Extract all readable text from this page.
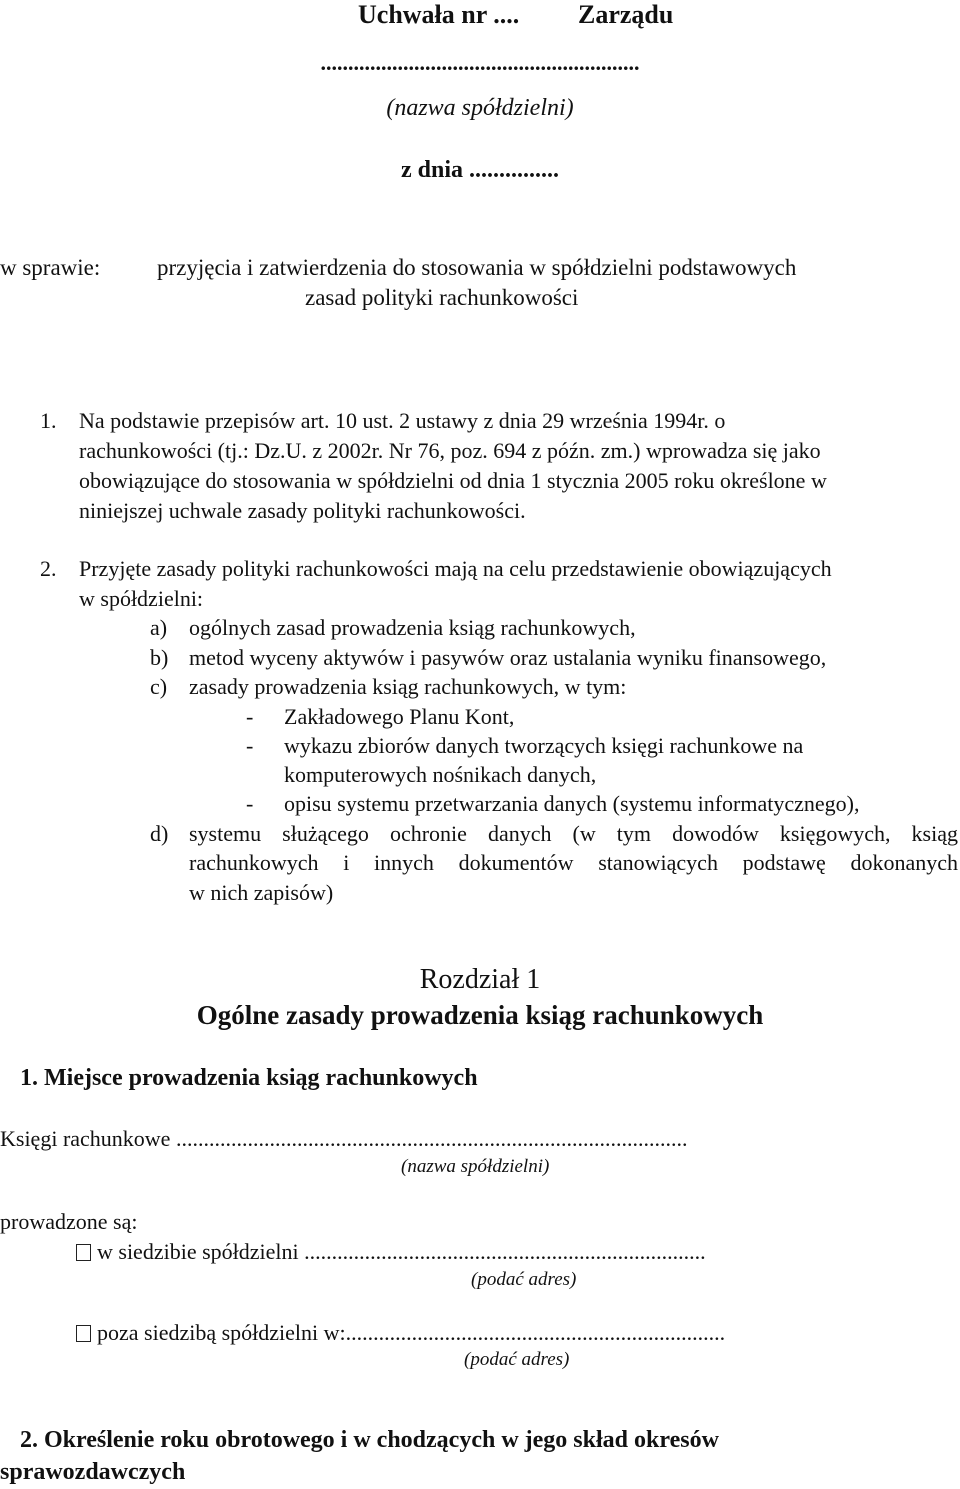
Uchwała nr .... Zarządu
..........................................................
(nazwa spółdzielni)
z dnia ...............
w sprawie: przyjęcia i zatwierdzenia do stosowania w spółdzielni podstawowych
zasad polityki rachunkowości
1. Na podstawie przepisów art. 10 ust. 2 ustawy z dnia 29 września 1994r. o
rachunkowości (tj.: Dz.U. z 2002r. Nr 76, poz. 694 z późn. zm.) wprowadza się jako
obowiązujące do stosowania w spółdzielni od dnia 1 stycznia 2005 roku określone w
niniejszej uchwale zasady polityki rachunkowości.
2. Przyjęte zasady polityki rachunkowości mają na celu przedstawienie obowiązujących
w spółdzielni:
a) ogólnych zasad prowadzenia ksiąg rachunkowych,
b) metod wyceny aktywów i pasywów oraz ustalania wyniku finansowego,
c) zasady prowadzenia ksiąg rachunkowych, w tym:
- Zakładowego Planu Kont,
- wykazu zbiorów danych tworzących księgi rachunkowe na
komputerowych nośnikach danych,
- opisu systemu przetwarzania danych (systemu informatycznego),
d) systemu służącego ochronie danych (w tym dowodów księgowych, ksiąg
rachunkowych i innych dokumentów stanowiących podstawę dokonanych
w nich zapisów)
Rozdział 1
Ogólne zasady prowadzenia ksiąg rachunkowych
1. Miejsce prowadzenia ksiąg rachunkowych
Księgi rachunkowe .............................................................................................
(nazwa spółdzielni)
prowadzone są:
w siedzibie spółdzielni .........................................................................
(podać adres)
poza siedzibą spółdzielni w:.....................................................................
(podać adres)
2. Określenie roku obrotowego i w chodzących w jego skład okresów
sprawozdawczych
